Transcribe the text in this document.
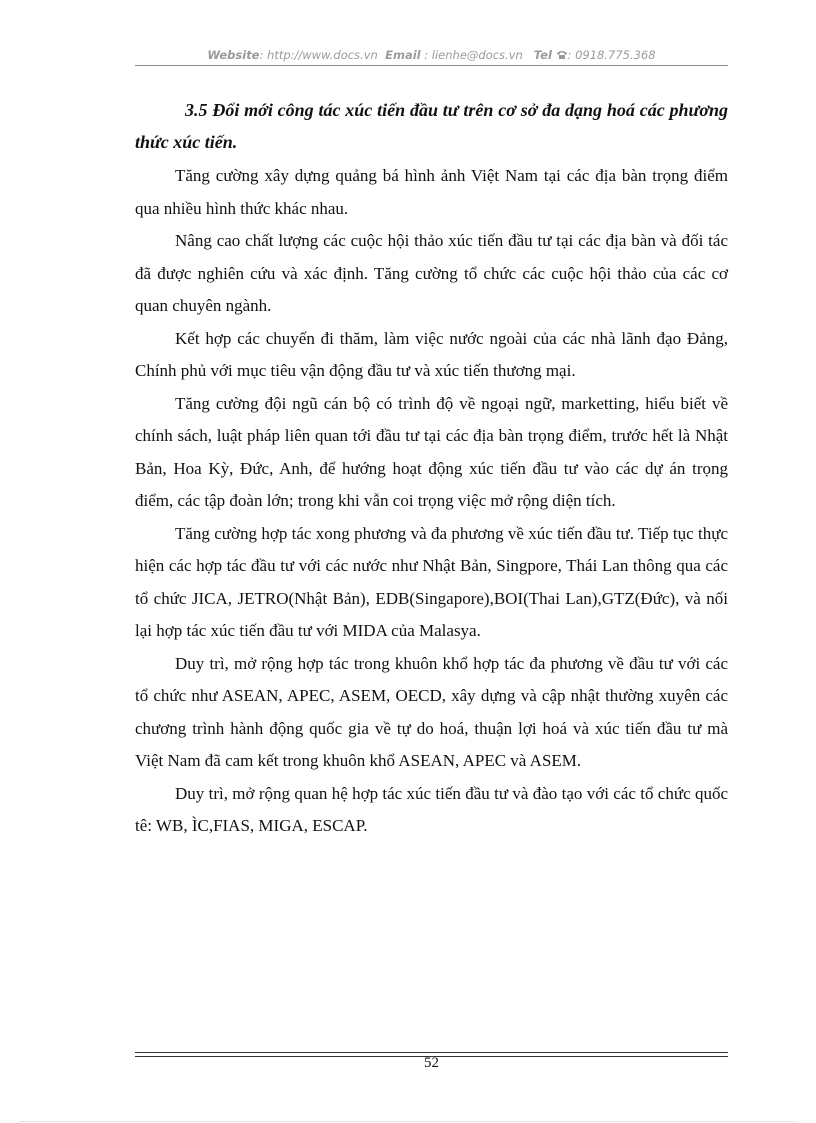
Website: http://www.docs.vn Email : lienhe@docs.vn Tel : 0918.775.368

3.5 Đổi mới công tác xúc tiến đầu tư trên cơ sở đa dạng hoá các phương thức xúc tiến.

Tăng cường xây dựng quảng bá hình ảnh Việt Nam tại các địa bàn trọng điểm qua nhiều hình thức khác nhau.

Nâng cao chất lượng các cuộc hội thảo xúc tiến đầu tư tại các địa bàn và đối tác đã được nghiên cứu và xác định. Tăng cường tổ chức các cuộc hội thảo của các cơ quan chuyên ngành.

Kết hợp các chuyến đi thăm, làm việc nước ngoài của các nhà lãnh đạo Đảng, Chính phủ với mục tiêu vận động đầu tư và xúc tiến thương mại.

Tăng cường đội ngũ cán bộ có trình độ về ngoại ngữ, marketting, hiểu biết về chính sách, luật pháp liên quan tới đầu tư tại các địa bàn trọng điểm, trước hết là Nhật Bản, Hoa Kỳ, Đức, Anh, để hướng hoạt động xúc tiến đầu tư vào các dự án trọng điểm, các tập đoàn lớn; trong khi vẫn coi trọng việc mở rộng diện tích.

Tăng cường hợp tác xong phương và đa phương về xúc tiến đầu tư. Tiếp tục thực hiện các hợp tác đầu tư với các nước như Nhật Bản, Singpore, Thái Lan thông qua các tổ chức JICA, JETRO(Nhật Bản), EDB(Singapore),BOI(Thai Lan),GTZ(Đức), và nối lại hợp tác xúc tiến đầu tư với MIDA của Malasya.

Duy trì, mở rộng hợp tác trong khuôn khổ hợp tác đa phương về đầu tư với các tổ chức như ASEAN, APEC, ASEM, OECD, xây dựng và cập nhật thường xuyên các chương trình hành động quốc gia về tự do hoá, thuận lợi hoá và xúc tiến đầu tư mà Việt Nam đã cam kết trong khuôn khổ ASEAN, APEC và ASEM.

Duy trì, mở rộng quan hệ hợp tác xúc tiến đầu tư và đào tạo với các tổ chức quốc tê: WB, ÌC,FIAS, MIGA, ESCAP.

52
